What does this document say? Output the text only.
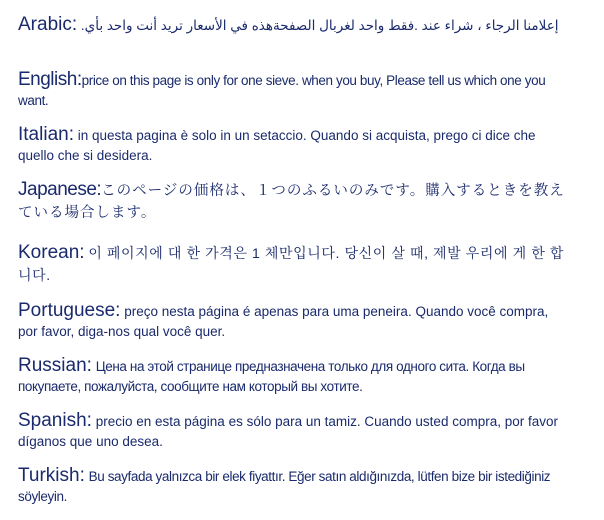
Arabic: إعلامنا الرجاء ، شراء عند .فقط واحد لغربال الصفحةهذه في الأسعار تريد أنت واحد بأي.
English:price on this page is only for one sieve. when you buy, Please tell us which one you want.
Italian: in questa pagina è solo in un setaccio. Quando si acquista, prego ci dice che quello che si desidera.
Japanese:このページの価格は、１つのふるいのみです。購入するときを教えている場合します。
Korean: 이 페이지에 대 한 가격은 1 체만입니다. 당신이 살 때, 제발 우리에 게 한 합니다.
Portuguese: preço nesta página é apenas para uma peneira. Quando você compra, por favor, diga-nos qual você quer.
Russian: Цена на этой странице предназначена только для одного сита. Когда вы покупаете, пожалуйста, сообщите нам который вы хотите.
Spanish: precio en esta página es sólo para un tamiz. Cuando usted compra, por favor díganos que uno desea.
Turkish: Bu sayfada yalnızca bir elek fiyattır. Eğer satın aldığınızda, lütfen bize bir istediğiniz söyleyin.
